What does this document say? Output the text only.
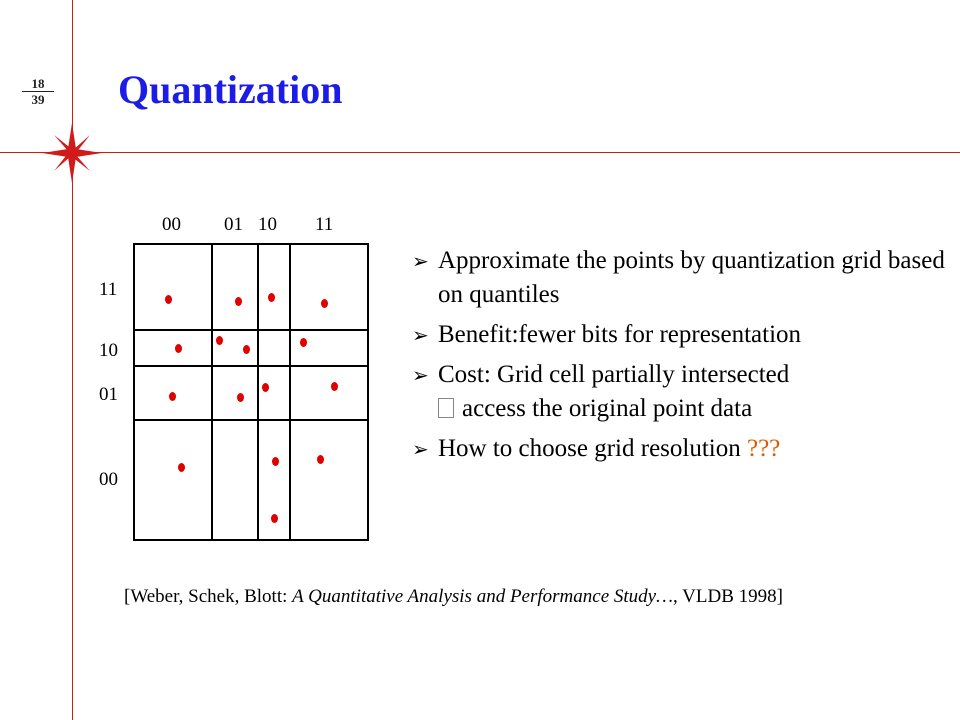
$\frac{18}{39}$ Quantization
00 01 10 11
11
10
01
00
➢ Approximate the points by quantization grid based on quantiles
➢ Benefit:fewer bits for representation
➢ Cost: Grid cell partially intersected
access the original point data
➢ How to choose grid resolution ???
[Weber, Schek, Blott: A Quantitative Analysis and Performance Study…, VLDB 1998]
